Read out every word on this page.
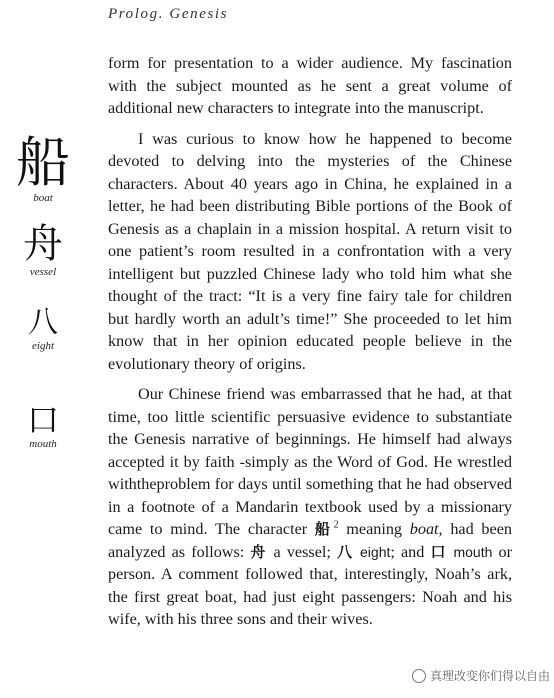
Prolog. Genesis
船
boat
舟
vessel
八
eight
口
mouth

form for presentation to a wider audience. My fascination with the subject mounted as he sent a great volume of additional new characters to integrate into the manuscript.

I was curious to know how he happened to become devoted to delving into the mysteries of the Chinese characters. About 40 years ago in China, he explained in a letter, he had been distributing Bible portions of the Book of Genesis as a chaplain in a mission hospital. A return visit to one patient’s room resulted in a confrontation with a very intelligent but puzzled Chinese lady who told him what she thought of the tract: “It is a very fine fairy tale for children but hardly worth an adult’s time!” She proceeded to let him know that in her opinion educated people believe in the evolutionary theory of origins.

Our Chinese friend was embarrassed that he had, at that time, too little scientific persuasive evidence to substantiate the Genesis narrative of beginnings. He himself had always accepted it by faith -simply as the Word of God. He wrestled withtheproblem for days until something that he had observed in a footnote of a Mandarin textbook used by a missionary came to mind. The character 船$^2$ meaning boat, had been analyzed as follows: 舟 a vessel; 八 eight; and 口 mouth or person. A comment followed that, interestingly, Noah’s ark, the first great boat, had just eight passengers: Noah and his wife, with his three sons and their wives.

真理改变你们得以自由
